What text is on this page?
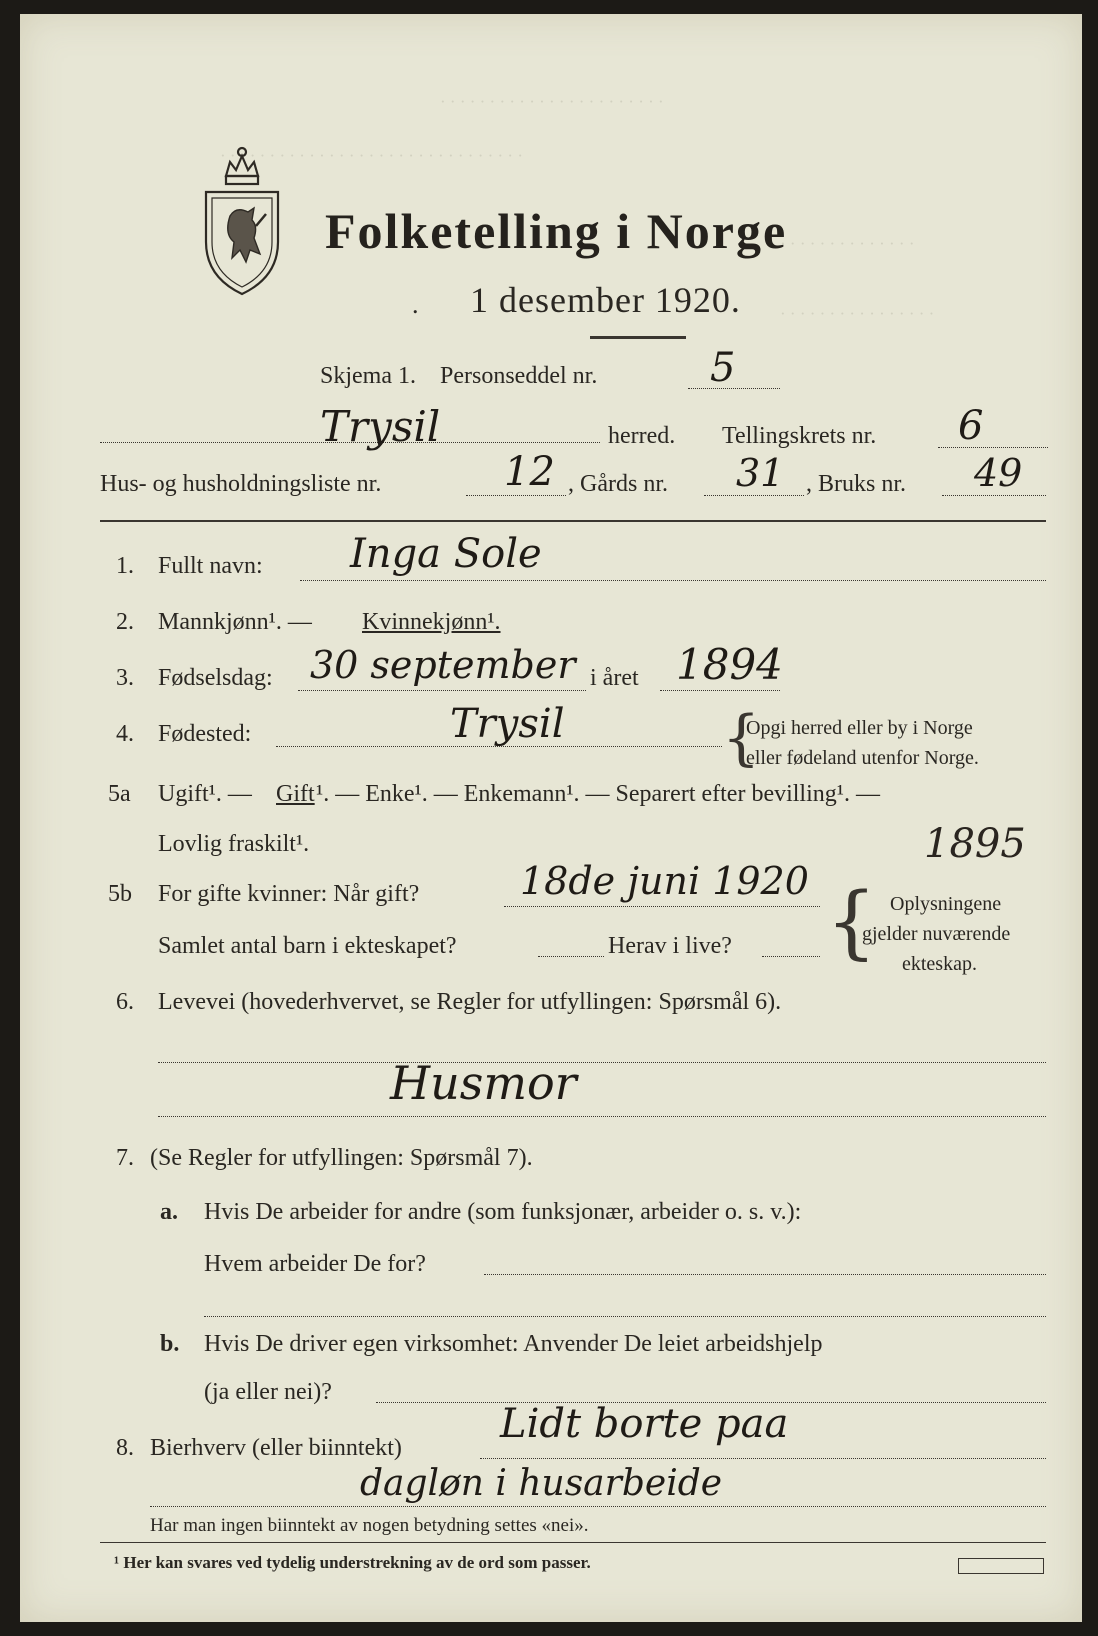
· · · · · · · · · · · · · · · · · · · · · · ·
· · · · · · · · · · · · · · · · · · · · · · · · · · · · · · ·
· · · · · · · · · · · · · ·
· · · · · · · · · · · · · · · ·
Folketelling i Norge
1 desember 1920.
.
Skjema 1. Personseddel nr.	5
Trysil	herred. Tellingskrets nr. 6
Hus- og husholdningsliste nr.	12 , Gårds nr. 31 , Bruks nr. 49
1. Fullt navn: Inga Sole
2. Mannkjønn¹. — Kvinnekjønn¹.
3. Fødselsdag: 30 september i året 1894
4. Fødested:	Trysil	{
Opgi herred eller by i Norge
eller fødeland utenfor Norge.
5a Ugift¹. — Gift ¹. — Enke¹. — Enkemann¹. — Separert efter bevilling¹. —
Lovlig fraskilt¹.	1895
5b For gifte kvinner: Når gift?	18de juni 1920
Samlet antal barn i ekteskapet?	Herav i live? { Oplysningene
gjelder nuværende
ekteskap.
6. Levevei (hovederhvervet, se Regler for utfyllingen: Spørsmål 6).
Husmor
7. (Se Regler for utfyllingen: Spørsmål 7).
a. Hvis De arbeider for andre (som funksjonær, arbeider o. s. v.):
Hvem arbeider De for?
b. Hvis De driver egen virksomhet: Anvender De leiet arbeidshjelp
(ja eller nei)?
8. Bierhverv (eller biinntekt)
Lidt borte paa
dagløn i husarbeide
Har man ingen biinntekt av nogen betydning settes «nei».
¹ Her kan svares ved tydelig understrekning av de ord som passer.
